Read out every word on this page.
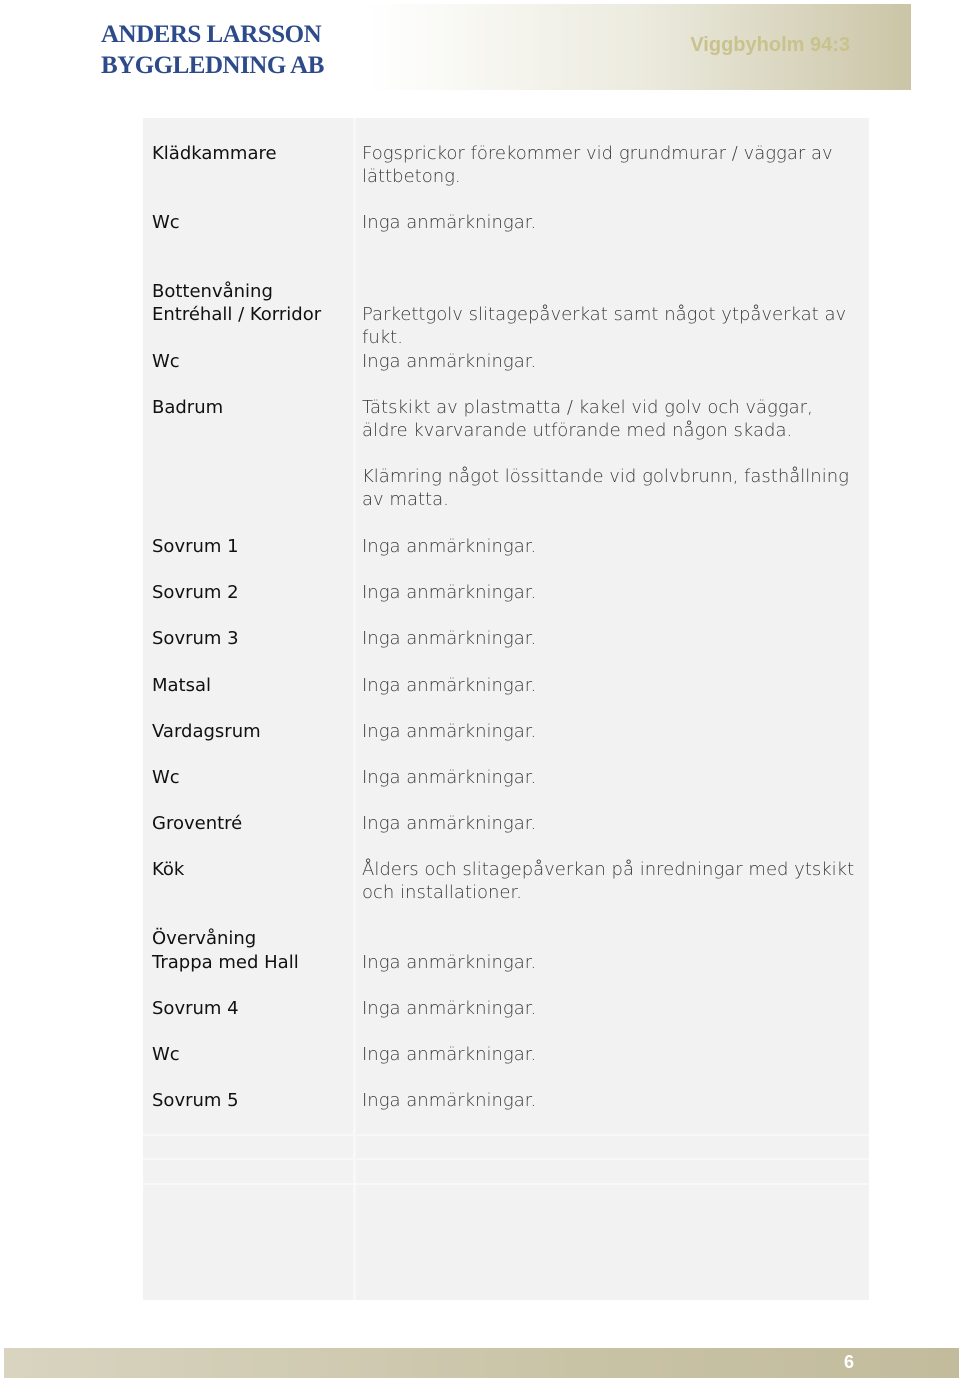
ANDERS LARSSON
BYGGLEDNING AB
Viggbyholm 94:3
Klädkammare	Fogsprickor förekommer vid grundmurar / väggar av lättbetong.
Wc	Inga anmärkningar.
Bottenvåning
Entréhall / Korridor	Parkettgolv slitagepåverkat samt något ytpåverkat av fukt.
Wc	Inga anmärkningar.
Badrum	Tätskikt av plastmatta / kakel vid golv och väggar, äldre kvarvarande utförande med någon skada.
Klämring något lössittande vid golvbrunn, fasthållning av matta.
Sovrum 1	Inga anmärkningar.
Sovrum 2	Inga anmärkningar.
Sovrum 3	Inga anmärkningar.
Matsal	Inga anmärkningar.
Vardagsrum	Inga anmärkningar.
Wc	Inga anmärkningar.
Groventré	Inga anmärkningar.
Kök	Ålders och slitagepåverkan på inredningar med ytskikt och installationer.
Övervåning
Trappa med Hall	Inga anmärkningar.
Sovrum 4	Inga anmärkningar.
Wc	Inga anmärkningar.
Sovrum 5	Inga anmärkningar.
6
